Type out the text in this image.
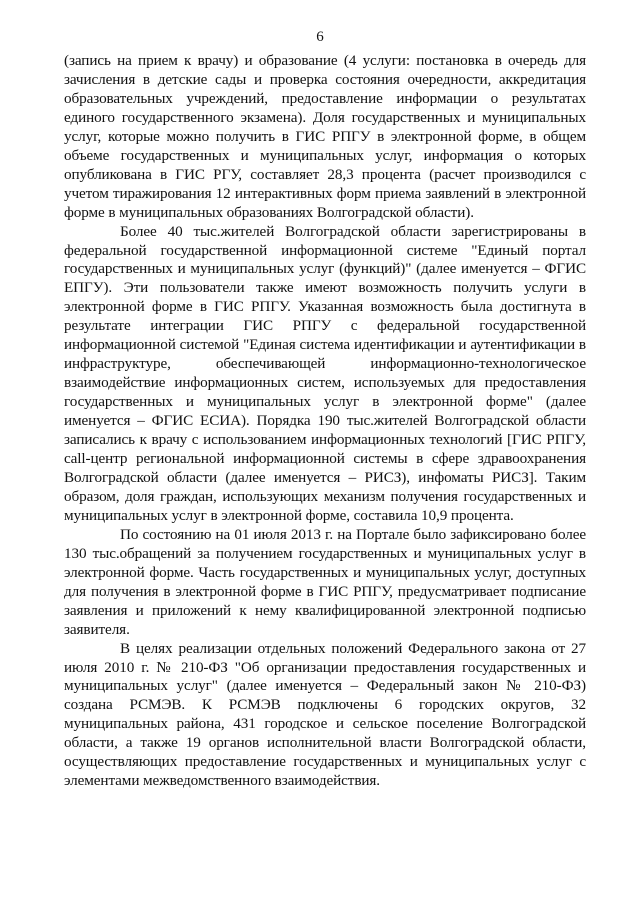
6

(запись на прием к врачу) и образование (4 услуги: постановка в очередь для зачисления в детские сады и проверка состояния очередности, аккредитация образовательных учреждений, предоставление информации о результатах единого государственного экзамена). Доля государственных и муниципальных услуг, которые можно получить в ГИС РПГУ в электронной форме, в общем объеме государственных и муниципальных услуг, информация о которых опубликована в ГИС РГУ, составляет 28,3 процента (расчет производился с учетом тиражирования 12 интерактивных форм приема заявлений в электронной форме в муниципальных образованиях Волгоградской области).

Более 40 тыс.жителей Волгоградской области зарегистрированы в федеральной государственной информационной системе "Единый портал государственных и муниципальных услуг (функций)" (далее именуется – ФГИС ЕПГУ). Эти пользователи также имеют возможность получить услуги в электронной форме в ГИС РПГУ. Указанная возможность была достигнута в результате интеграции ГИС РПГУ с федеральной государственной информационной системой "Единая система идентификации и аутентификации в инфраструктуре, обеспечивающей информационно-технологическое взаимодействие информационных систем, используемых для предоставления государственных и муниципальных услуг в электронной форме" (далее именуется – ФГИС ЕСИА). Порядка 190 тыс.жителей Волгоградской области записались к врачу с использованием информационных технологий [ГИС РПГУ, call-центр региональной информационной системы в сфере здравоохранения Волгоградской области (далее именуется – РИСЗ), инфоматы РИСЗ]. Таким образом, доля граждан, использующих механизм получения государственных и муниципальных услуг в электронной форме, составила 10,9 процента.

По состоянию на 01 июля 2013 г. на Портале было зафиксировано более 130 тыс.обращений за получением государственных и муниципальных услуг в электронной форме. Часть государственных и муниципальных услуг, доступных для получения в электронной форме в ГИС РПГУ, предусматривает подписание заявления и приложений к нему квалифицированной электронной подписью заявителя.

В целях реализации отдельных положений Федерального закона от 27 июля 2010 г. № 210-ФЗ "Об организации предоставления государственных и муниципальных услуг" (далее именуется – Федеральный закон № 210-ФЗ) создана РСМЭВ. К РСМЭВ подключены 6 городских округов, 32 муниципальных района, 431 городское и сельское поселение Волгоградской области, а также 19 органов исполнительной власти Волгоградской области, осуществляющих предоставление государственных и муниципальных услуг с элементами межведомственного взаимодействия.
